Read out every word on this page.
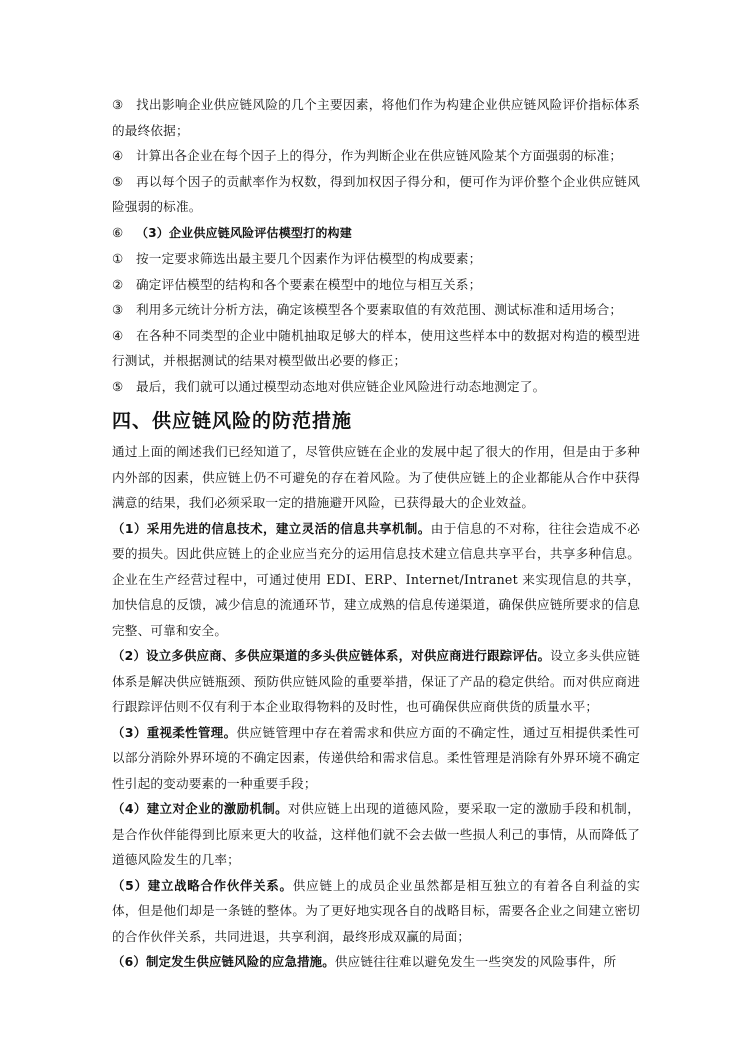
③ 找出影响企业供应链风险的几个主要因素，将他们作为构建企业供应链风险评价指标体系的最终依据；

④ 计算出各企业在每个因子上的得分，作为判断企业在供应链风险某个方面强弱的标准；

⑤ 再以每个因子的贡献率作为权数，得到加权因子得分和，便可作为评价整个企业供应链风险强弱的标准。

⑥ （3）企业供应链风险评估模型打的构建

① 按一定要求筛选出最主要几个因素作为评估模型的构成要素；

② 确定评估模型的结构和各个要素在模型中的地位与相互关系；

③ 利用多元统计分析方法，确定该模型各个要素取值的有效范围、测试标准和适用场合；

④ 在各种不同类型的企业中随机抽取足够大的样本，使用这些样本中的数据对构造的模型进行测试，并根据测试的结果对模型做出必要的修正；

⑤ 最后，我们就可以通过模型动态地对供应链企业风险进行动态地测定了。

四、供应链风险的防范措施

通过上面的阐述我们已经知道了，尽管供应链在企业的发展中起了很大的作用，但是由于多种内外部的因素，供应链上仍不可避免的存在着风险。为了使供应链上的企业都能从合作中获得满意的结果，我们必须采取一定的措施避开风险，已获得最大的企业效益。

（1）采用先进的信息技术，建立灵活的信息共享机制。由于信息的不对称，往往会造成不必要的损失。因此供应链上的企业应当充分的运用信息技术建立信息共享平台，共享多种信息。企业在生产经营过程中，可通过使用 EDI、ERP、Internet/Intranet 来实现信息的共享，加快信息的反馈，减少信息的流通环节，建立成熟的信息传递渠道，确保供应链所要求的信息完整、可靠和安全。

（2）设立多供应商、多供应渠道的多头供应链体系，对供应商进行跟踪评估。设立多头供应链体系是解决供应链瓶颈、预防供应链风险的重要举措，保证了产品的稳定供给。而对供应商进行跟踪评估则不仅有利于本企业取得物料的及时性，也可确保供应商供货的质量水平；

（3）重视柔性管理。供应链管理中存在着需求和供应方面的不确定性，通过互相提供柔性可以部分消除外界环境的不确定因素，传递供给和需求信息。柔性管理是消除有外界环境不确定性引起的变动要素的一种重要手段；

（4）建立对企业的激励机制。对供应链上出现的道德风险，要采取一定的激励手段和机制，是合作伙伴能得到比原来更大的收益，这样他们就不会去做一些损人利己的事情，从而降低了道德风险发生的几率；

（5）建立战略合作伙伴关系。供应链上的成员企业虽然都是相互独立的有着各自利益的实体，但是他们却是一条链的整体。为了更好地实现各自的战略目标，需要各企业之间建立密切的合作伙伴关系，共同进退，共享利润，最终形成双赢的局面；

（6）制定发生供应链风险的应急措施。供应链往往难以避免发生一些突发的风险事件，所
